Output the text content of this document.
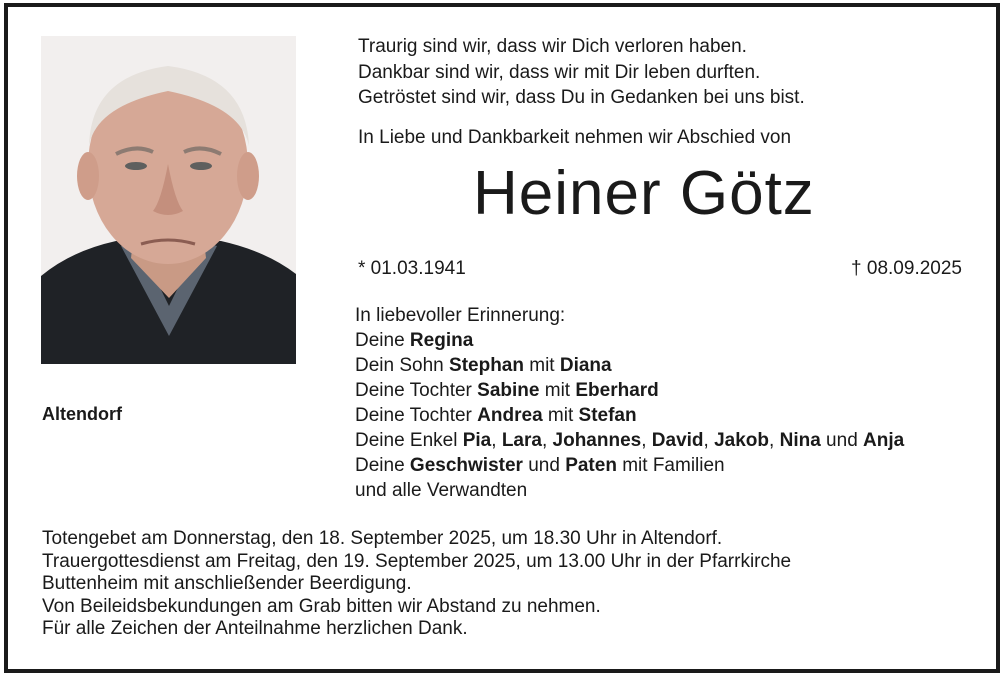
Altendorf
Traurig sind wir, dass wir Dich verloren haben.
Dankbar sind wir, dass wir mit Dir leben durften.
Getröstet sind wir, dass Du in Gedanken bei uns bist.
In Liebe und Dankbarkeit nehmen wir Abschied von
Heiner Götz
* 01.03.1941	† 08.09.2025
In liebevoller Erinnerung:
Deine Regina
Dein Sohn Stephan mit Diana
Deine Tochter Sabine mit Eberhard
Deine Tochter Andrea mit Stefan
Deine Enkel Pia, Lara, Johannes, David, Jakob, Nina und Anja
Deine Geschwister und Paten mit Familien
und alle Verwandten
Totengebet am Donnerstag, den 18. September 2025, um 18.30 Uhr in Altendorf.
Trauergottesdienst am Freitag, den 19. September 2025, um 13.00 Uhr in der Pfarrkirche
Buttenheim mit anschließender Beerdigung.
Von Beileidsbekundungen am Grab bitten wir Abstand zu nehmen.
Für alle Zeichen der Anteilnahme herzlichen Dank.
